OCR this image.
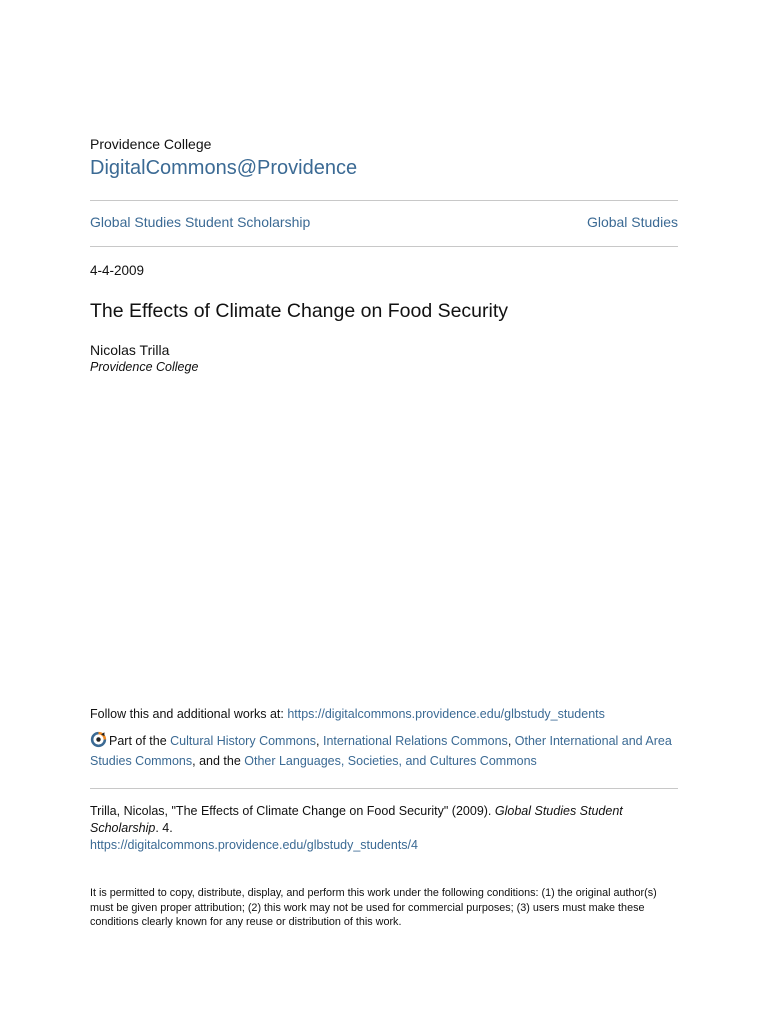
Providence College
DigitalCommons@Providence
Global Studies Student Scholarship	Global Studies
4-4-2009
The Effects of Climate Change on Food Security
Nicolas Trilla
Providence College
Follow this and additional works at: https://digitalcommons.providence.edu/glbstudy_students
Part of the Cultural History Commons, International Relations Commons, Other International and Area Studies Commons, and the Other Languages, Societies, and Cultures Commons
Trilla, Nicolas, "The Effects of Climate Change on Food Security" (2009). Global Studies Student Scholarship. 4.
https://digitalcommons.providence.edu/glbstudy_students/4
It is permitted to copy, distribute, display, and perform this work under the following conditions: (1) the original author(s) must be given proper attribution; (2) this work may not be used for commercial purposes; (3) users must make these conditions clearly known for any reuse or distribution of this work.
